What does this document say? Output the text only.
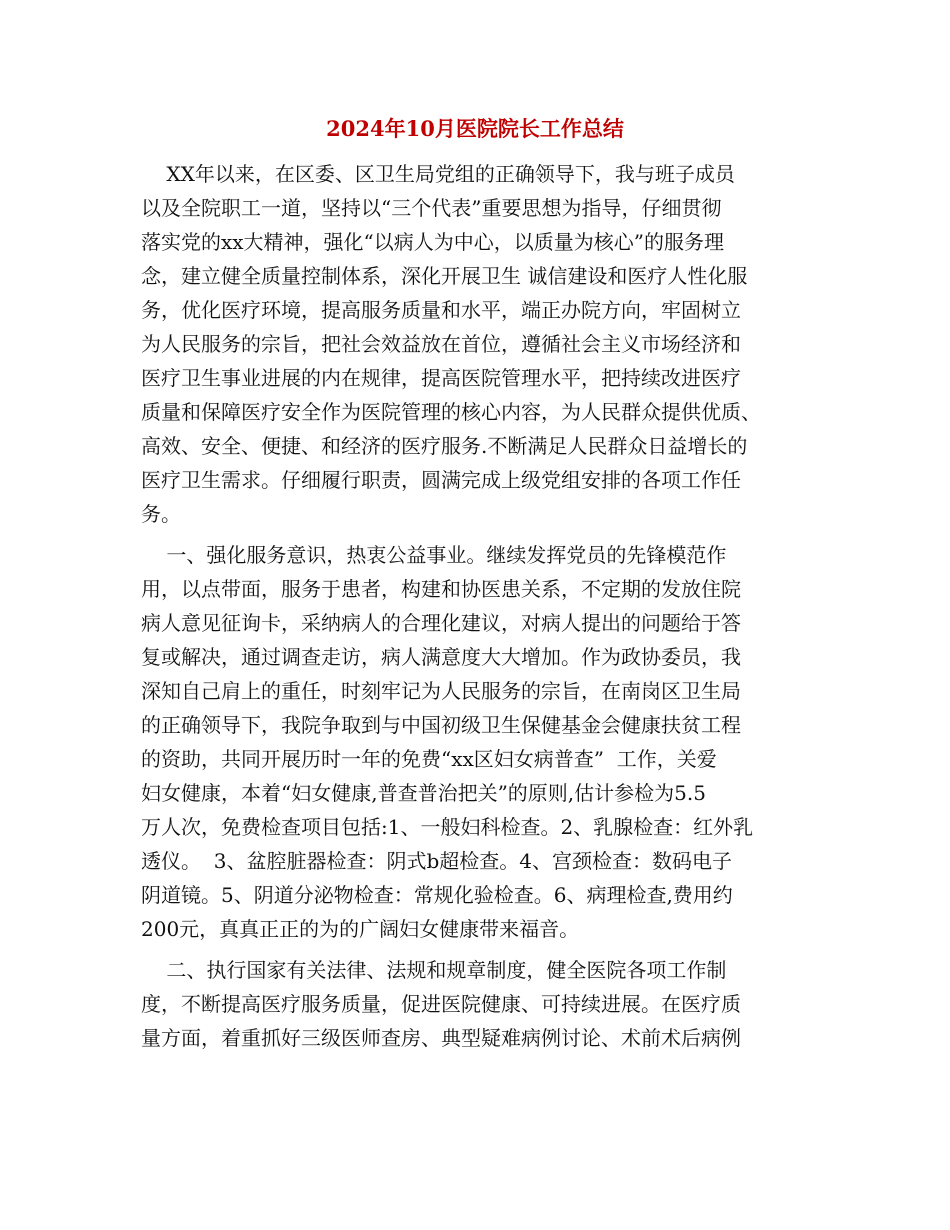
2024年10月医院院长工作总结
XX年以来，在区委、区卫生局党组的正确领导下，我与班子成员
以及全院职工一道，坚持以“三个代表”重要思想为指导，仔细贯彻
落实党的xx大精神，强化“以病人为中心，以质量为核心”的服务理
念，建立健全质量控制体系，深化开展卫生 诚信建设和医疗人性化服
务，优化医疗环境，提高服务质量和水平，端正办院方向，牢固树立
为人民服务的宗旨，把社会效益放在首位，遵循社会主义市场经济和
医疗卫生事业进展的内在规律，提高医院管理水平，把持续改进医疗
质量和保障医疗安全作为医院管理的核心内容，为人民群众提供优质、
高效、安全、便捷、和经济的医疗服务.不断满足人民群众日益增长的
医疗卫生需求。仔细履行职责，圆满完成上级党组安排的各项工作任
务。
一、强化服务意识，热衷公益事业。继续发挥党员的先锋模范作
用，以点带面，服务于患者，构建和协医患关系，不定期的发放住院
病人意见征询卡，采纳病人的合理化建议，对病人提出的问题给于答
复或解决，通过调查走访，病人满意度大大增加。作为政协委员，我
深知自己肩上的重任，时刻牢记为人民服务的宗旨，在南岗区卫生局
的正确领导下，我院争取到与中国初级卫生保健基金会健康扶贫工程
的资助，共同开展历时一年的免费“xx区妇女病普查”  工作，关爱
妇女健康，本着“妇女健康,普查普治把关”的原则,估计参检为5.5
万人次，免费检查项目包括:1、一般妇科检查。2、乳腺检查：红外乳
透仪。  3、盆腔脏器检查：阴式b超检查。4、宫颈检查：数码电子
阴道镜。5、阴道分泌物检查：常规化验检查。6、病理检查,费用约
200元，真真正正的为的广阔妇女健康带来福音。
二、执行国家有关法律、法规和规章制度，健全医院各项工作制
度，不断提高医疗服务质量，促进医院健康、可持续进展。在医疗质
量方面，着重抓好三级医师查房、典型疑难病例讨论、术前术后病例
